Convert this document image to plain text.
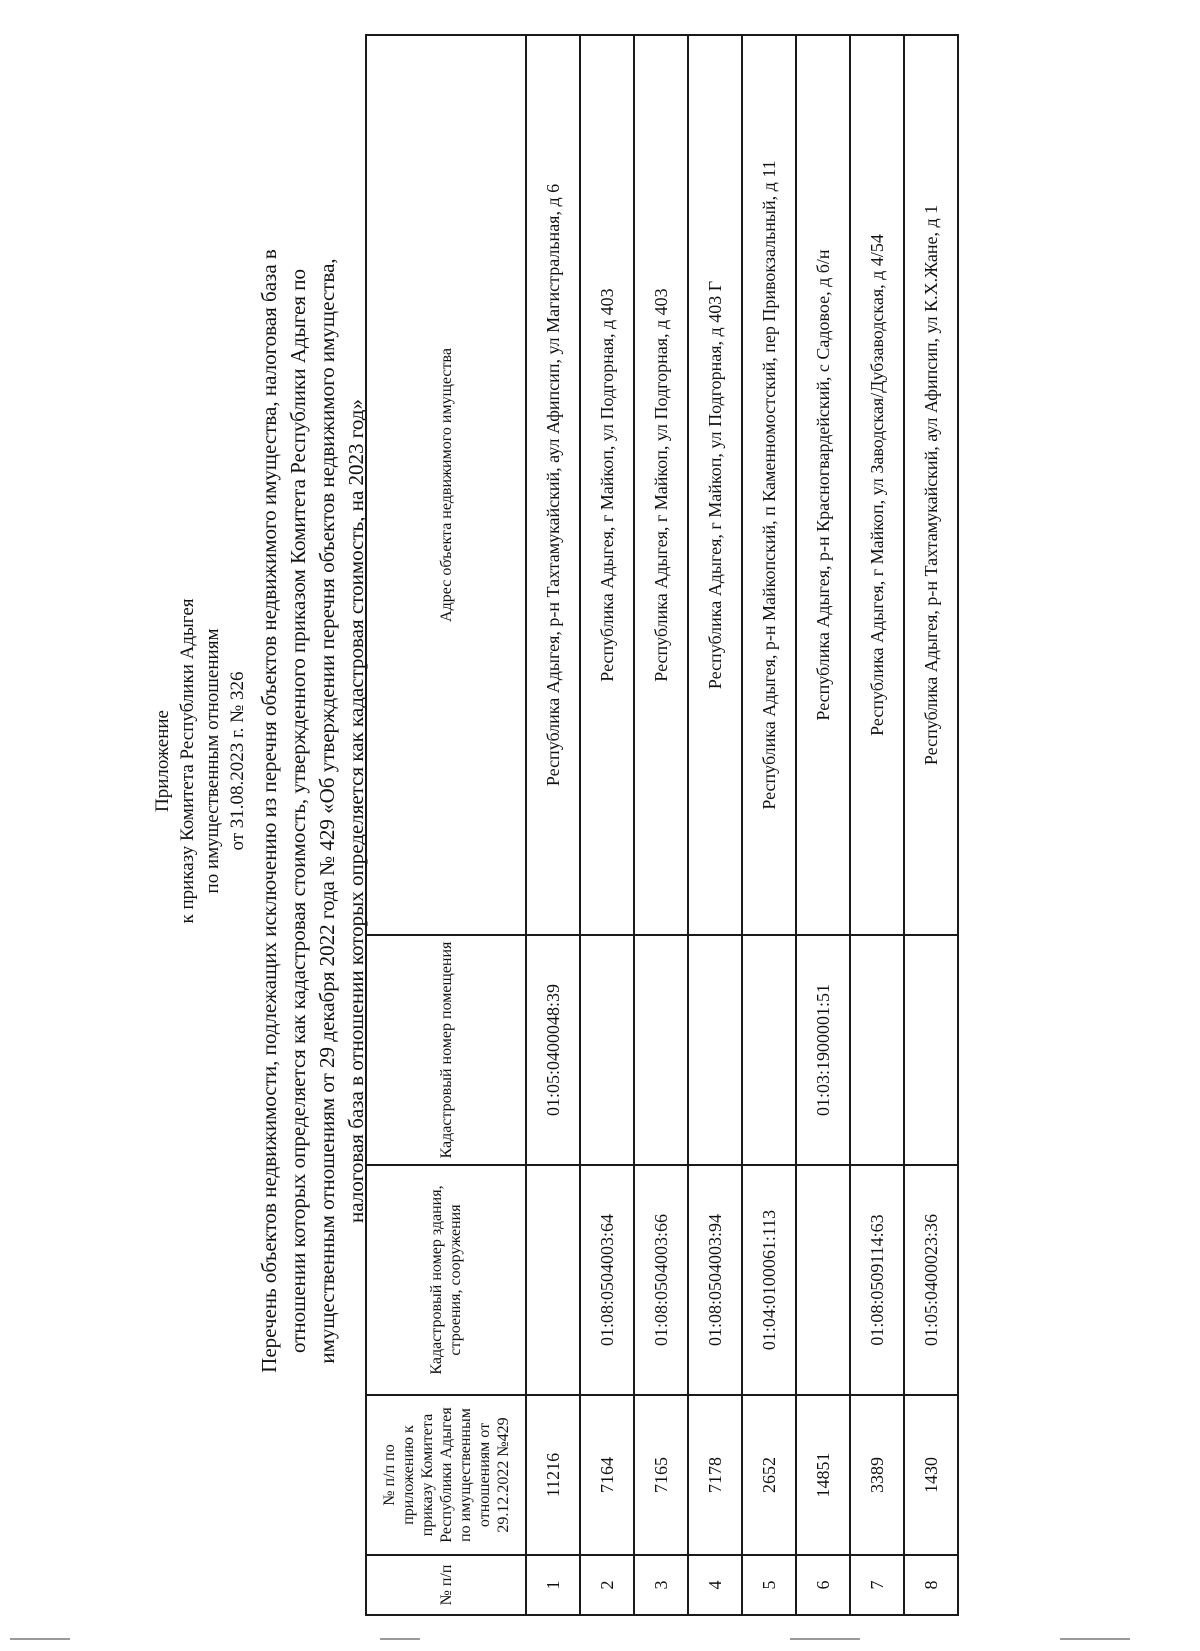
Приложение к приказу Комитета Республики Адыгея по имущественным отношениям от 31.08.2023 г. № 326 Перечень объектов недвижимости, подлежащих исключению из перечня объектов недвижимого имущества, налоговая база в отношении которых определяется как кадастровая стоимость, утвержденного приказом Комитета Республики Адыгея по имущественным отношениям от 29 декабря 2022 года № 429 «Об утверждении перечня объектов недвижимого имущества, налоговая база в отношении которых определяется как кадастровая стоимость, на 2023 год»
№ п/п	№ п/п по приложению к приказу Комитета Республики Адыгея по имущественным отношениям от 29.12.2022 №429	Кадастровый номер здания, строения, сооружения	Кадастровый номер помещения	Адрес объекта недвижимого имущества
1	11216		01:05:0400048:39	Республика Адыгея, р-н Тахтамукайский, аул Афипсип, ул Магистральная, д 6
2	7164	01:08:0504003:64		Республика Адыгея, г Майкоп, ул Подгорная, д 403
3	7165	01:08:0504003:66		Республика Адыгея, г Майкоп, ул Подгорная, д 403
4	7178	01:08:0504003:94		Республика Адыгея, г Майкоп, ул Подгорная, д 403 Г
5	2652	01:04:0100061:113		Республика Адыгея, р-н Майкопский, п Каменномостский, пер Привокзальный, д 11
6	14851		01:03:1900001:51	Республика Адыгея, р-н Красногвардейский, с Садовое, д б/н
7	3389	01:08:0509114:63		Республика Адыгея, г Майкоп, ул Заводская/Дубзаводская, д 4/54
8	1430	01:05:0400023:36		Республика Адыгея, р-н Тахтамукайский, аул Афипсип, ул К.Х.Жане, д 1
